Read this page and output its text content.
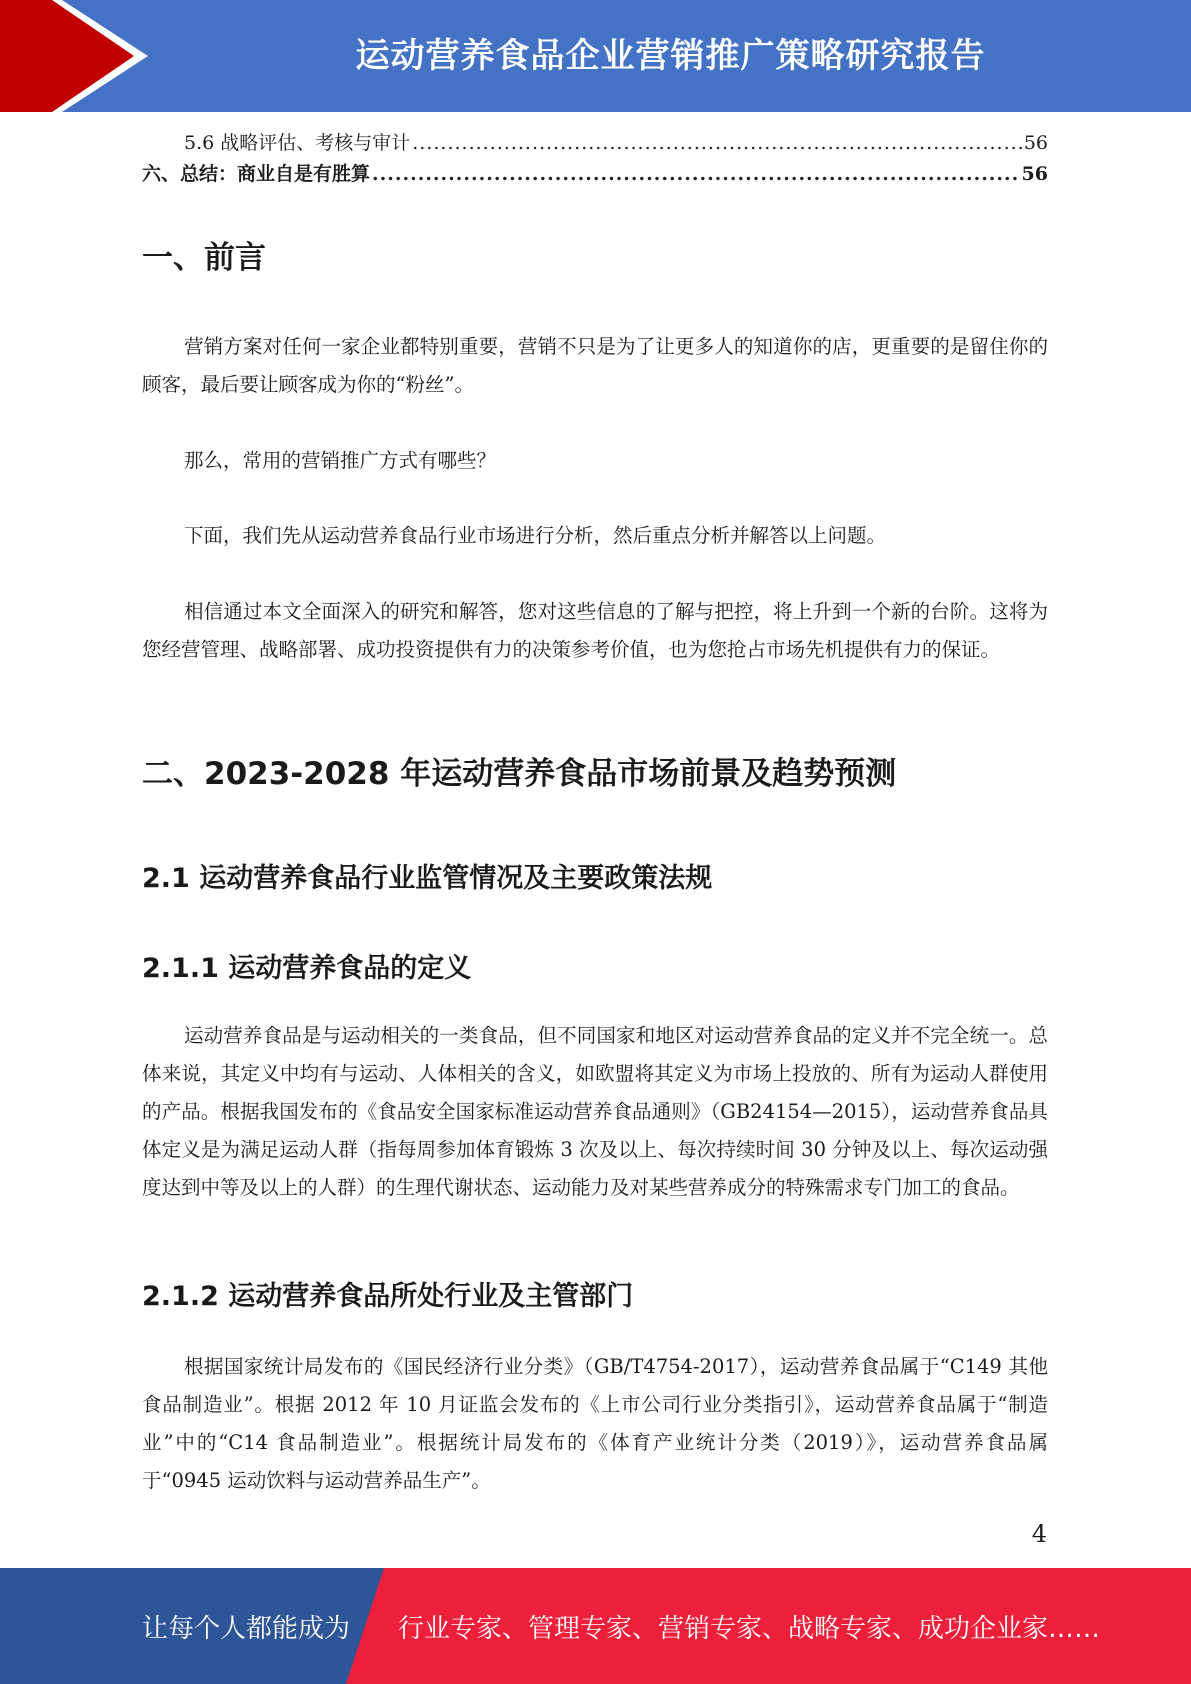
运动营养食品企业营销推广策略研究报告
5.6 战略评估、考核与审计 .....	56
六、总结：商业自是有胜算 .....	56
一、前言

营销方案对任何一家企业都特别重要，营销不只是为了让更多人的知道你的店，更重要的是留住你的顾客，最后要让顾客成为你的“粉丝”。

那么，常用的营销推广方式有哪些？

下面，我们先从运动营养食品行业市场进行分析，然后重点分析并解答以上问题。

相信通过本文全面深入的研究和解答，您对这些信息的了解与把控，将上升到一个新的台阶。这将为您经营管理、战略部署、成功投资提供有力的决策参考价值，也为您抢占市场先机提供有力的保证。

二、2023-2028 年运动营养食品市场前景及趋势预测
2.1 运动营养食品行业监管情况及主要政策法规
2.1.1 运动营养食品的定义

运动营养食品是与运动相关的一类食品，但不同国家和地区对运动营养食品的定义并不完全统一。总体来说，其定义中均有与运动、人体相关的含义，如欧盟将其定义为市场上投放的、所有为运动人群使用的产品。根据我国发布的《食品安全国家标准运动营养食品通则》（GB24154—2015），运动营养食品具体定义是为满足运动人群（指每周参加体育锻炼 3 次及以上、每次持续时间 30 分钟及以上、每次运动强度达到中等及以上的人群）的生理代谢状态、运动能力及对某些营养成分的特殊需求专门加工的食品。

2.1.2 运动营养食品所处行业及主管部门

根据国家统计局发布的《国民经济行业分类》（GB/T4754-2017），运动营养食品属于“C149 其他食品制造业”。根据 2012 年 10 月证监会发布的《上市公司行业分类指引》，运动营养食品属于“制造业”中的“C14 食品制造业”。根据统计局发布的《体育产业统计分类（2019）》，运动营养食品属于“0945 运动饮料与运动营养品生产”。

4
让每个人都能成为 行业专家、管理专家、营销专家、战略专家、成功企业家……
